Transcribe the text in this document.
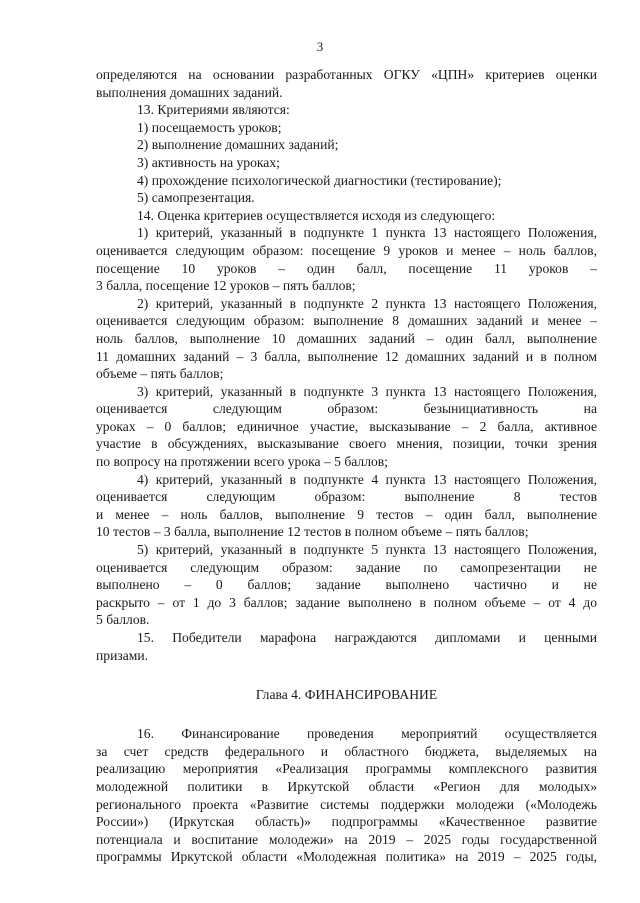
3
определяются на основании разработанных ОГКУ «ЦПН» критериев оценки
выполнения домашних заданий.
13. Критериями являются:
1) посещаемость уроков;
2) выполнение домашних заданий;
3) активность на уроках;
4) прохождение психологической диагностики (тестирование);
5) самопрезентация.
14. Оценка критериев осуществляется исходя из следующего:
1) критерий, указанный в подпункте 1 пункта 13 настоящего Положения,
оценивается следующим образом: посещение 9 уроков и менее – ноль баллов,
посещение 10 уроков – один балл, посещение 11 уроков –
3 балла, посещение 12 уроков – пять баллов;
2) критерий, указанный в подпункте 2 пункта 13 настоящего Положения,
оценивается следующим образом: выполнение 8 домашних заданий и менее –
ноль баллов, выполнение 10 домашних заданий – один балл, выполнение
11 домашних заданий – 3 балла, выполнение 12 домашних заданий и в полном
объеме – пять баллов;
3) критерий, указанный в подпункте 3 пункта 13 настоящего Положения,
оценивается следующим образом: безынициативность на
уроках – 0 баллов; единичное участие, высказывание – 2 балла, активное
участие в обсуждениях, высказывание своего мнения, позиции, точки зрения
по вопросу на протяжении всего урока – 5 баллов;
4) критерий, указанный в подпункте 4 пункта 13 настоящего Положения,
оценивается следующим образом: выполнение 8 тестов
и менее – ноль баллов, выполнение 9 тестов – один балл, выполнение
10 тестов – 3 балла, выполнение 12 тестов в полном объеме – пять баллов;
5) критерий, указанный в подпункте 5 пункта 13 настоящего Положения,
оценивается следующим образом: задание по самопрезентации не
выполнено – 0 баллов; задание выполнено частично и не
раскрыто – от 1 до 3 баллов; задание выполнено в полном объеме – от 4 до
5 баллов.
15. Победители марафона награждаются дипломами и ценными
призами.
Глава 4. ФИНАНСИРОВАНИЕ
16. Финансирование проведения мероприятий осуществляется
за счет средств федерального и областного бюджета, выделяемых на
реализацию мероприятия «Реализация программы комплексного развития
молодежной политики в Иркутской области «Регион для молодых»
регионального проекта «Развитие системы поддержки молодежи («Молодежь
России») (Иркутская область)» подпрограммы «Качественное развитие
потенциала и воспитание молодежи» на 2019 – 2025 годы государственной
программы Иркутской области «Молодежная политика» на 2019 – 2025 годы,
